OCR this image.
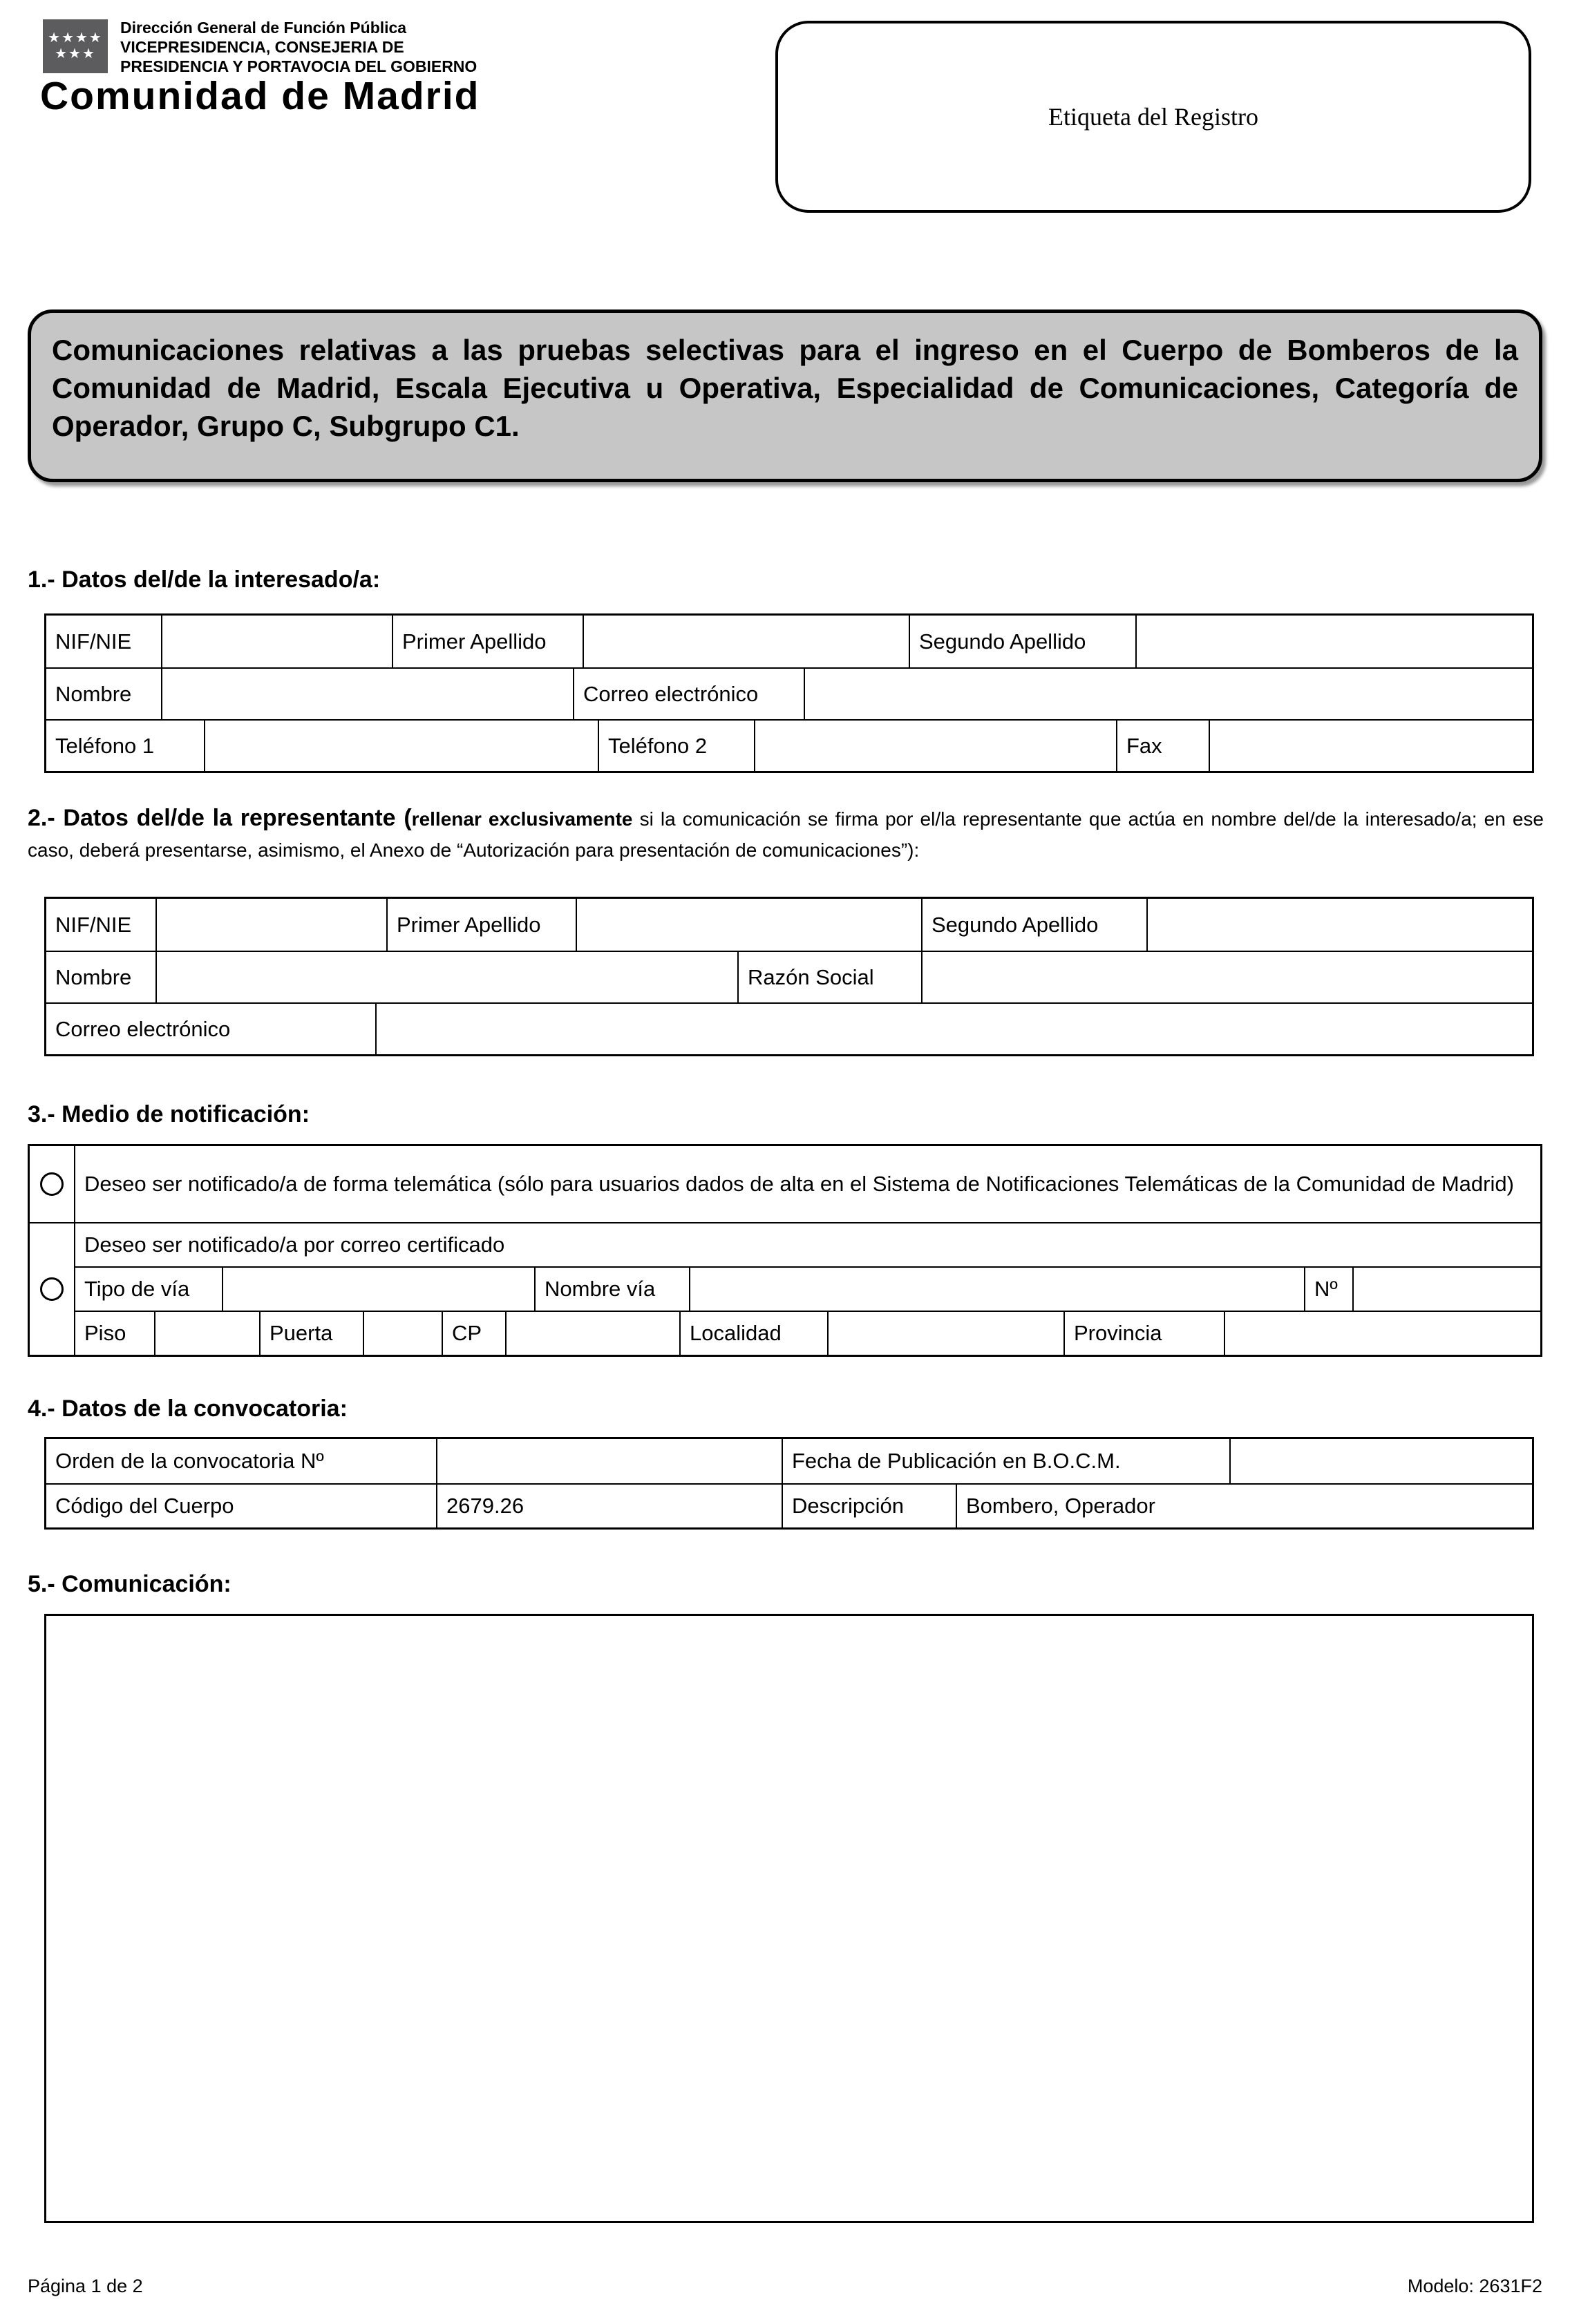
★★★★
★★★
Dirección General de Función Pública
VICEPRESIDENCIA, CONSEJERIA DE
PRESIDENCIA Y PORTAVOCIA DEL GOBIERNO
Comunidad de Madrid	Etiqueta del Registro
Comunicaciones relativas a las pruebas selectivas para el ingreso en el Cuerpo de Bomberos de la Comunidad de Madrid, Escala Ejecutiva u Operativa, Especialidad de Comunicaciones, Categoría de Operador, Grupo C, Subgrupo C1.
1.- Datos del/de la interesado/a:
NIF/NIE	Primer Apellido	Segundo Apellido
Nombre	Correo electrónico
Teléfono 1	Teléfono 2	Fax

2.- Datos del/de la representante (rellenar exclusivamente si la comunicación se firma por el/la representante que actúa en nombre del/de la interesado/a; en ese caso, deberá presentarse, asimismo, el Anexo de “Autorización para presentación de comunicaciones”):

NIF/NIE	Primer Apellido	Segundo Apellido
Nombre	Razón Social
Correo electrónico
3.- Medio de notificación:
Deseo ser notificado/a de forma telemática (sólo para usuarios dados de alta en el Sistema de Notificaciones Telemáticas de la Comunidad de Madrid)
Deseo ser notificado/a por correo certificado
Tipo de vía	Nombre vía	Nº
Piso	Puerta	CP	Localidad	Provincia
4.- Datos de la convocatoria:
Orden de la convocatoria Nº	Fecha de Publicación en B.O.C.M.
Código del Cuerpo	2679.26	Descripción	Bombero, Operador
5.- Comunicación:
Página 1 de 2	Modelo: 2631F2
